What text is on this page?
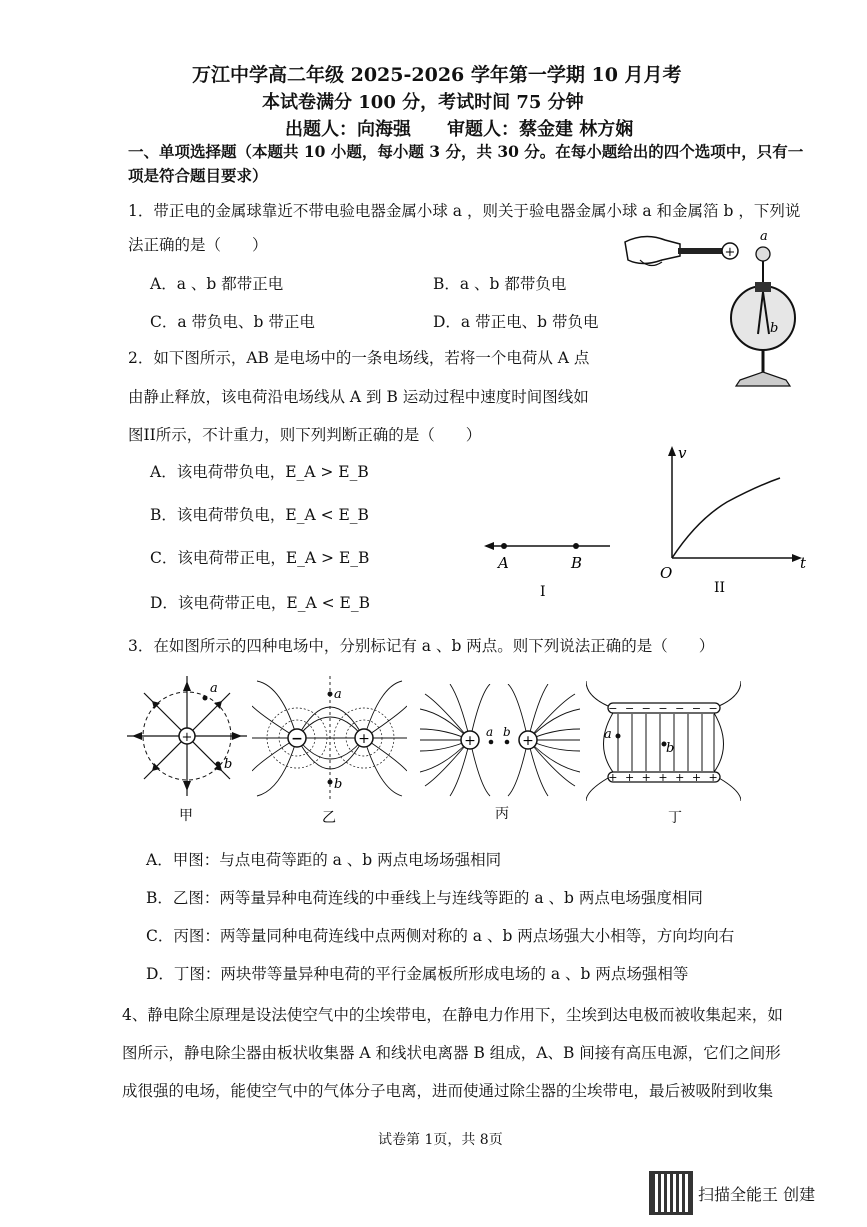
万江中学高二年级 2025-2026 学年第一学期 10 月月考
本试卷满分 100 分，考试时间 75 分钟
出题人：向海强　　审题人：蔡金建 林方娴
一、单项选择题（本题共 10 小题，每小题 3 分，共 30 分。在每小题给出的四个选项中，只有一
项是符合题目要求）
1．带正电的金属球靠近不带电验电器金属小球 a ，则关于验电器金属小球 a 和金属箔 b ，下列说
法正确的是（　　）
A．a 、b 都带正电	B．a 、b 都带负电
C．a 带负电、b 带正电	D．a 带正电、b 带负电
+
a
b
2．如下图所示，AB 是电场中的一条电场线，若将一个电荷从 A 点
由静止释放，该电荷沿电场线从 A 到 B 运动过程中速度时间图线如
图II所示，不计重力，则下列判断正确的是（　　）
A．该电荷带负电，E_A > E_B
B．该电荷带负电，E_A < E_B
C．该电荷带正电，E_A > E_B
D．该电荷带正电，E_A < E_B
A	B
I
v
t
O
II
3．在如图所示的四种电场中，分别标记有 a 、b 两点。则下列说法正确的是（　　）
+
a
b
甲
−	+
a
b
乙
+	+
a b
丙
− − − − − − −
+ + + + + + +
a
b
丁
A．甲图：与点电荷等距的 a 、b 两点电场场强相同
B．乙图：两等量异种电荷连线的中垂线上与连线等距的 a 、b 两点电场强度相同
C．丙图：两等量同种电荷连线中点两侧对称的 a 、b 两点场强大小相等，方向均向右
D．丁图：两块带等量异种电荷的平行金属板所形成电场的 a 、b 两点场强相等
4、静电除尘原理是设法使空气中的尘埃带电，在静电力作用下，尘埃到达电极而被收集起来，如
图所示，静电除尘器由板状收集器 A 和线状电离器 B 组成，A、B 间接有高压电源，它们之间形
成很强的电场，能使空气中的气体分子电离，进而使通过除尘器的尘埃带电，最后被吸附到收集
试卷第 1页，共 8页
扫描全能王 创建
